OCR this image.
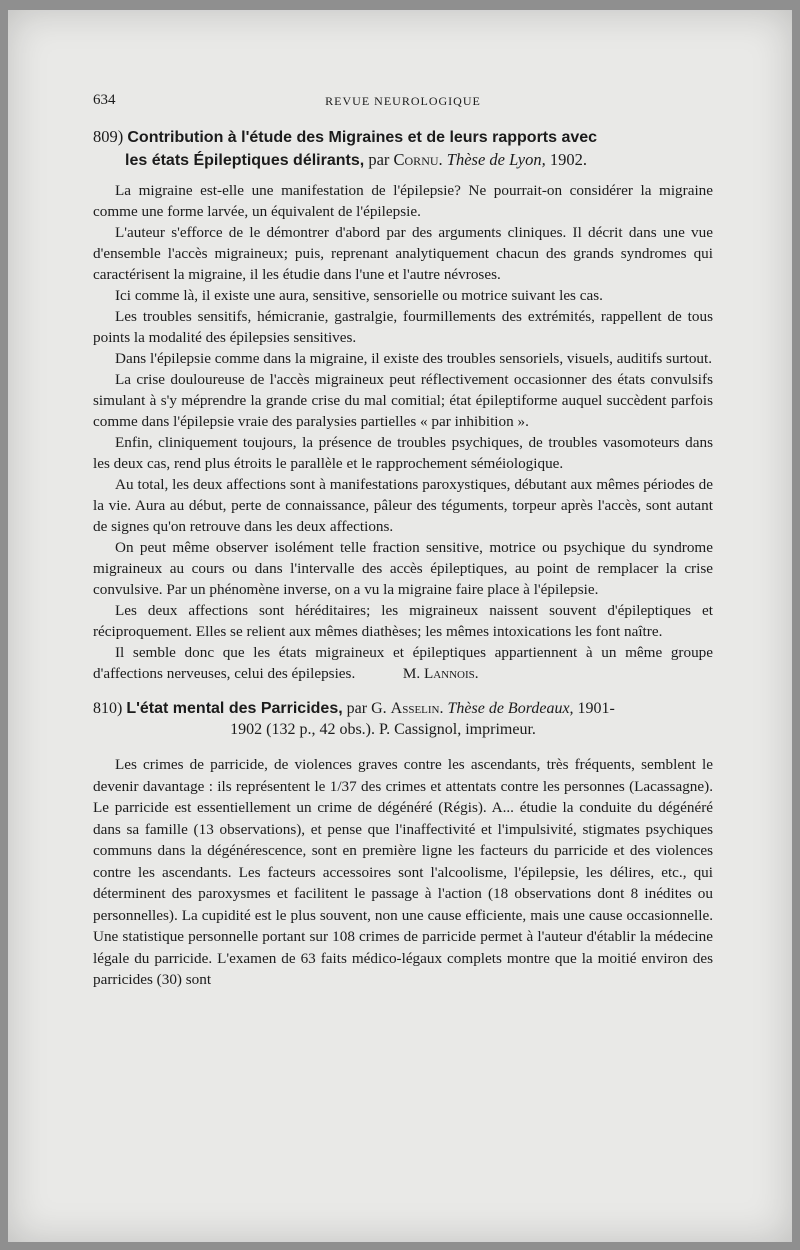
634	REVUE NEUROLOGIQUE
809) Contribution à l'étude des Migraines et de leurs rapports avec
les états Épileptiques délirants, par Cornu. Thèse de Lyon, 1902.

La migraine est-elle une manifestation de l'épilepsie? Ne pourrait-on considérer la migraine comme une forme larvée, un équivalent de l'épilepsie.

L'auteur s'efforce de le démontrer d'abord par des arguments cliniques. Il décrit dans une vue d'ensemble l'accès migraineux; puis, reprenant analytiquement chacun des grands syndromes qui caractérisent la migraine, il les étudie dans l'une et l'autre névroses.

Ici comme là, il existe une aura, sensitive, sensorielle ou motrice suivant les cas.

Les troubles sensitifs, hémicranie, gastralgie, fourmillements des extrémités, rappellent de tous points la modalité des épilepsies sensitives.

Dans l'épilepsie comme dans la migraine, il existe des troubles sensoriels, visuels, auditifs surtout.

La crise douloureuse de l'accès migraineux peut réflectivement occasionner des états convulsifs simulant à s'y méprendre la grande crise du mal comitial; état épileptiforme auquel succèdent parfois comme dans l'épilepsie vraie des paralysies partielles « par inhibition ».

Enfin, cliniquement toujours, la présence de troubles psychiques, de troubles vasomoteurs dans les deux cas, rend plus étroits le parallèle et le rapprochement séméiologique.

Au total, les deux affections sont à manifestations paroxystiques, débutant aux mêmes périodes de la vie. Aura au début, perte de connaissance, pâleur des téguments, torpeur après l'accès, sont autant de signes qu'on retrouve dans les deux affections.

On peut même observer isolément telle fraction sensitive, motrice ou psychique du syndrome migraineux au cours ou dans l'intervalle des accès épileptiques, au point de remplacer la crise convulsive. Par un phénomène inverse, on a vu la migraine faire place à l'épilepsie.

Les deux affections sont héréditaires; les migraineux naissent souvent d'épileptiques et réciproquement. Elles se relient aux mêmes diathèses; les mêmes intoxications les font naître.

Il semble donc que les états migraineux et épileptiques appartiennent à un même groupe d'affections nerveuses, celui des épilepsies.	M. Lannois.

810) L'état mental des Parricides, par G. Asselin. Thèse de Bordeaux, 1901-
1902 (132 p., 42 obs.). P. Cassignol, imprimeur.

Les crimes de parricide, de violences graves contre les ascendants, très fréquents, semblent le devenir davantage : ils représentent le 1/37 des crimes et attentats contre les personnes (Lacassagne). Le parricide est essentiellement un crime de dégénéré (Régis). A... étudie la conduite du dégénéré dans sa famille (13 observations), et pense que l'inaffectivité et l'impulsivité, stigmates psychiques communs dans la dégénérescence, sont en première ligne les facteurs du parricide et des violences contre les ascendants. Les facteurs accessoires sont l'alcoolisme, l'épilepsie, les délires, etc., qui déterminent des paroxysmes et facilitent le passage à l'action (18 observations dont 8 inédites ou personnelles). La cupidité est le plus souvent, non une cause efficiente, mais une cause occasionnelle. Une statistique personnelle portant sur 108 crimes de parricide permet à l'auteur d'établir la médecine légale du parricide. L'examen de 63 faits médico-légaux complets montre que la moitié environ des parricides (30) sont
